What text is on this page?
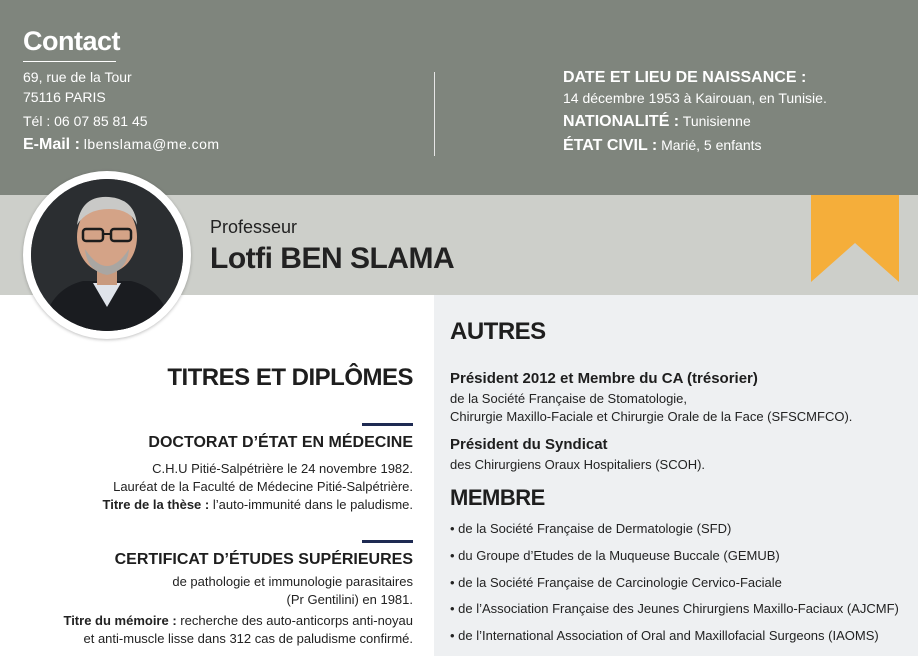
Contact
69, rue de la Tour
75116 PARIS
Tél : 06 07 85 81 45
E-Mail : lbenslama@me.com
DATE ET LIEU DE NAISSANCE :
14 décembre 1953 à Kairouan, en Tunisie.
NATIONALITÉ : Tunisienne
ÉTAT CIVIL : Marié, 5 enfants
Professeur
Lotfi BEN SLAMA
TITRES ET DIPLÔMES
DOCTORAT D’ÉTAT EN MÉDECINE
C.H.U Pitié-Salpétrière le 24 novembre 1982.
Lauréat de la Faculté de Médecine Pitié-Salpétrière.
Titre de la thèse : l’auto-immunité dans le paludisme.
CERTIFICAT D’ÉTUDES SUPÉRIEURES
de pathologie et immunologie parasitaires
(Pr Gentilini) en 1981.
Titre du mémoire : recherche des auto-anticorps anti-noyau
et anti-muscle lisse dans 312 cas de paludisme confirmé.
AUTRES
Président 2012 et Membre du CA (trésorier)
de la Société Française de Stomatologie,
Chirurgie Maxillo-Faciale et Chirurgie Orale de la Face (SFSCMFCO).
Président du Syndicat
des Chirurgiens Oraux Hospitaliers (SCOH).
MEMBRE
• de la Société Française de Dermatologie (SFD)
• du Groupe d’Etudes de la Muqueuse Buccale (GEMUB)
• de la Société Française de Carcinologie Cervico-Faciale
• de l’Association Française des Jeunes Chirurgiens Maxillo-Faciaux (AJCMF)
• de l’International Association of Oral and Maxillofacial Surgeons (IAOMS)
